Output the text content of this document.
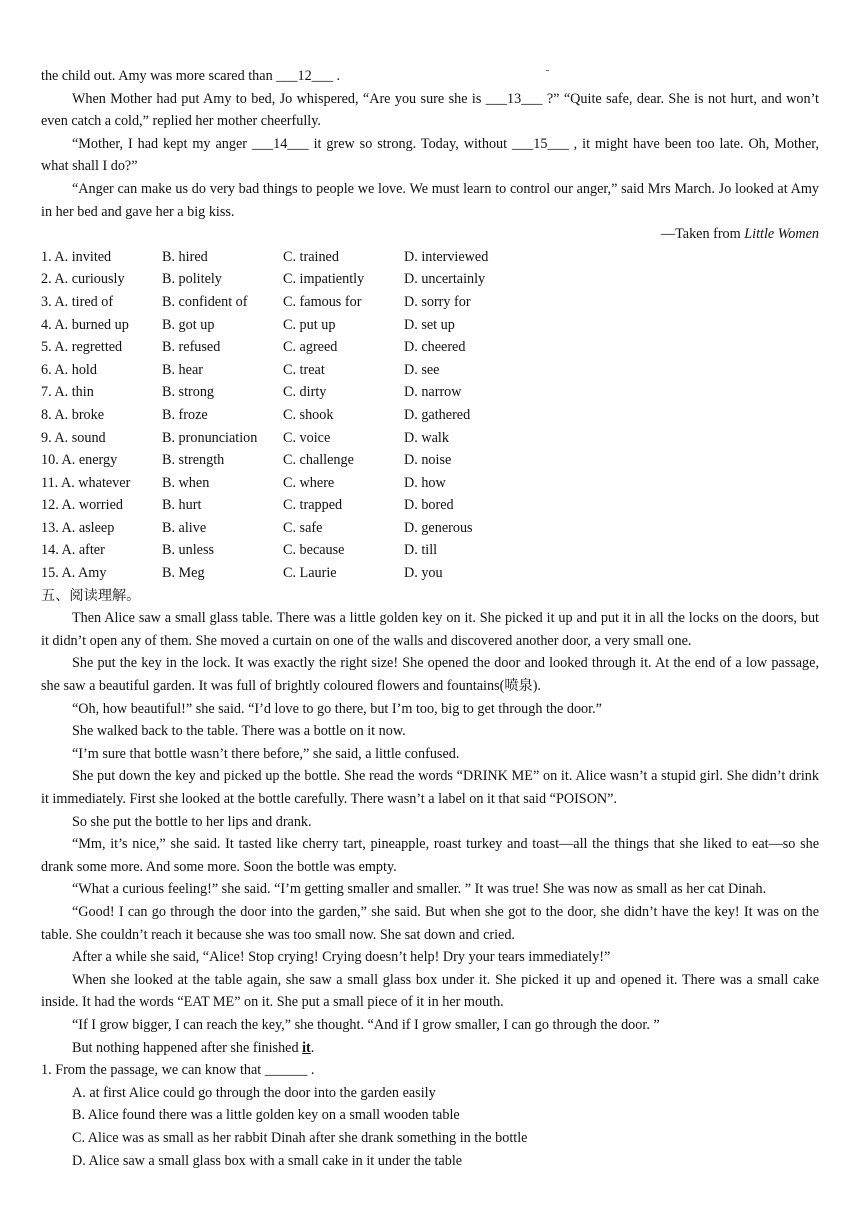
the child out. Amy was more scared than ___12___ .

When Mother had put Amy to bed, Jo whispered, “Are you sure she is ___13___ ?” “Quite safe, dear. She is not hurt, and won’t even catch a cold,” replied her mother cheerfully.

“Mother, I had kept my anger ___14___ it grew so strong. Today, without ___15___ , it might have been too late. Oh, Mother, what shall I do?”

“Anger can make us do very bad things to people we love. We must learn to control our anger,” said Mrs March. Jo looked at Amy in her bed and gave her a big kiss.

—Taken from Little Women

1. A. invited	B. hired	C. trained	D. interviewed
2. A. curiously	B. politely	C. impatiently	D. uncertainly
3. A. tired of	B. confident of	C. famous for	D. sorry for
4. A. burned up	B. got up	C. put up	D. set up
5. A. regretted	B. refused	C. agreed	D. cheered
6. A. hold	B. hear	C. treat	D. see
7. A. thin	B. strong	C. dirty	D. narrow
8. A. broke	B. froze	C. shook	D. gathered
9. A. sound	B. pronunciation	C. voice	D. walk
10. A. energy	B. strength	C. challenge	D. noise
11. A. whatever	B. when	C. where	D. how
12. A. worried	B. hurt	C. trapped	D. bored
13. A. asleep	B. alive	C. safe	D. generous
14. A. after	B. unless	C. because	D. till
15. A. Amy	B. Meg	C. Laurie	D. you

五、阅读理解。

Then Alice saw a small glass table. There was a little golden key on it. She picked it up and put it in all the locks on the doors, but it didn’t open any of them. She moved a curtain on one of the walls and discovered another door, a very small one.

She put the key in the lock. It was exactly the right size! She opened the door and looked through it. At the end of a low passage, she saw a beautiful garden. It was full of brightly coloured flowers and fountains(喷泉).

“Oh, how beautiful!” she said. “I’d love to go there, but I’m too, big to get through the door.”

She walked back to the table. There was a bottle on it now.

“I’m sure that bottle wasn’t there before,” she said, a little confused.

She put down the key and picked up the bottle. She read the words “DRINK ME” on it. Alice wasn’t a stupid girl. She didn’t drink it immediately. First she looked at the bottle carefully. There wasn’t a label on it that said “POISON”.

So she put the bottle to her lips and drank.

“Mm, it’s nice,” she said. It tasted like cherry tart, pineapple, roast turkey and toast—all the things that she liked to eat—so she drank some more. And some more. Soon the bottle was empty.

“What a curious feeling!” she said. “I’m getting smaller and smaller. ” It was true! She was now as small as her cat Dinah.

“Good! I can go through the door into the garden,” she said. But when she got to the door, she didn’t have the key! It was on the table. She couldn’t reach it because she was too small now. She sat down and cried.

After a while she said, “Alice! Stop crying! Crying doesn’t help! Dry your tears immediately!”

When she looked at the table again, she saw a small glass box under it. She picked it up and opened it. There was a small cake inside. It had the words “EAT ME” on it. She put a small piece of it in her mouth.

“If I grow bigger, I can reach the key,” she thought. “And if I grow smaller, I can go through the door. ”

But nothing happened after she finished it.

1. From the passage, we can know that ______ .

A. at first Alice could go through the door into the garden easily

B. Alice found there was a little golden key on a small wooden table

C. Alice was as small as her rabbit Dinah after she drank something in the bottle

D. Alice saw a small glass box with a small cake in it under the table
